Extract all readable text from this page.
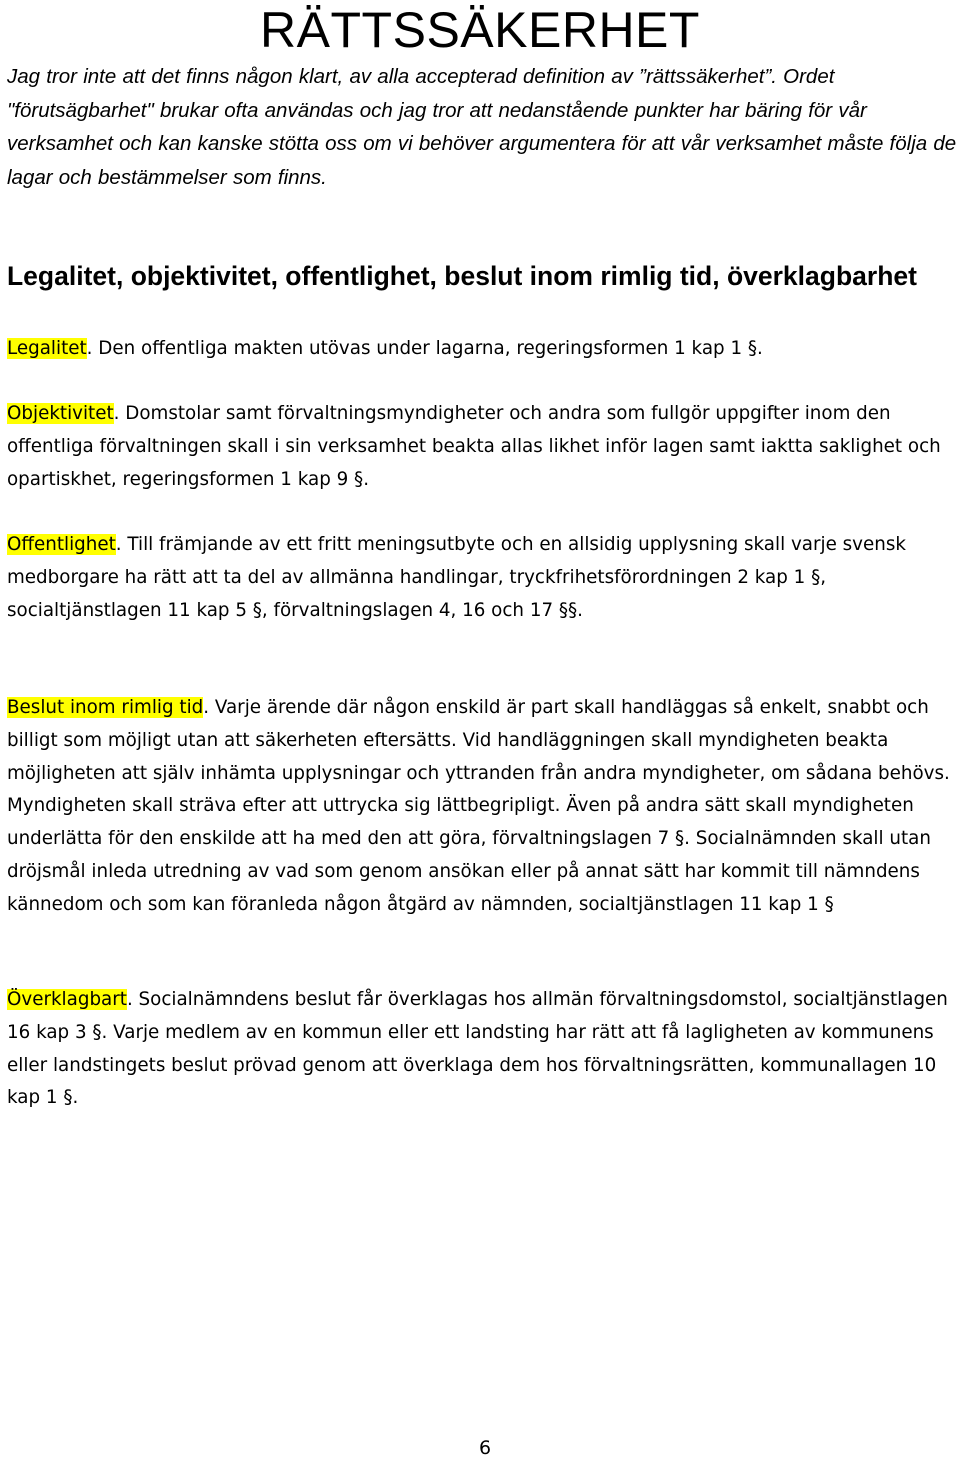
RÄTTSSÄKERHET

Jag tror inte att det finns någon klart, av alla accepterad definition av ”rättssäkerhet”. Ordet "förutsägbarhet" brukar ofta användas och jag tror att nedanstående punkter har bäring för vår verksamhet och kan kanske stötta oss om vi behöver argumentera för att vår verksamhet måste följa de lagar och bestämmelser som finns.

Legalitet, objektivitet, offentlighet, beslut inom rimlig tid, överklagbarhet

Legalitet. Den offentliga makten utövas under lagarna, regeringsformen 1 kap 1 §.

Objektivitet. Domstolar samt förvaltningsmyndigheter och andra som fullgör uppgifter inom den offentliga förvaltningen skall i sin verksamhet beakta allas likhet inför lagen samt iaktta saklighet och opartiskhet, regeringsformen 1 kap 9 §.

Offentlighet. Till främjande av ett fritt meningsutbyte och en allsidig upplysning skall varje svensk medborgare ha rätt att ta del av allmänna handlingar, tryckfrihetsförordningen 2 kap 1 §, socialtjänstlagen 11 kap 5 §, förvaltningslagen 4, 16 och 17 §§.

Beslut inom rimlig tid. Varje ärende där någon enskild är part skall handläggas så enkelt, snabbt och billigt som möjligt utan att säkerheten eftersätts. Vid handläggningen skall myndigheten beakta möjligheten att själv inhämta upplysningar och yttranden från andra myndigheter, om sådana behövs. Myndigheten skall sträva efter att uttrycka sig lättbegripligt. Även på andra sätt skall myndigheten underlätta för den enskilde att ha med den att göra, förvaltningslagen 7 §. Socialnämnden skall utan dröjsmål inleda utredning av vad som genom ansökan eller på annat sätt har kommit till nämndens kännedom och som kan föranleda någon åtgärd av nämnden, socialtjänstlagen 11 kap 1 §

Överklagbart. Socialnämndens beslut får överklagas hos allmän förvaltningsdomstol, socialtjänstlagen 16 kap 3 §. Varje medlem av en kommun eller ett landsting har rätt att få lagligheten av kommunens eller landstingets beslut prövad genom att överklaga dem hos förvaltningsrätten, kommunallagen 10 kap 1 §.

6
